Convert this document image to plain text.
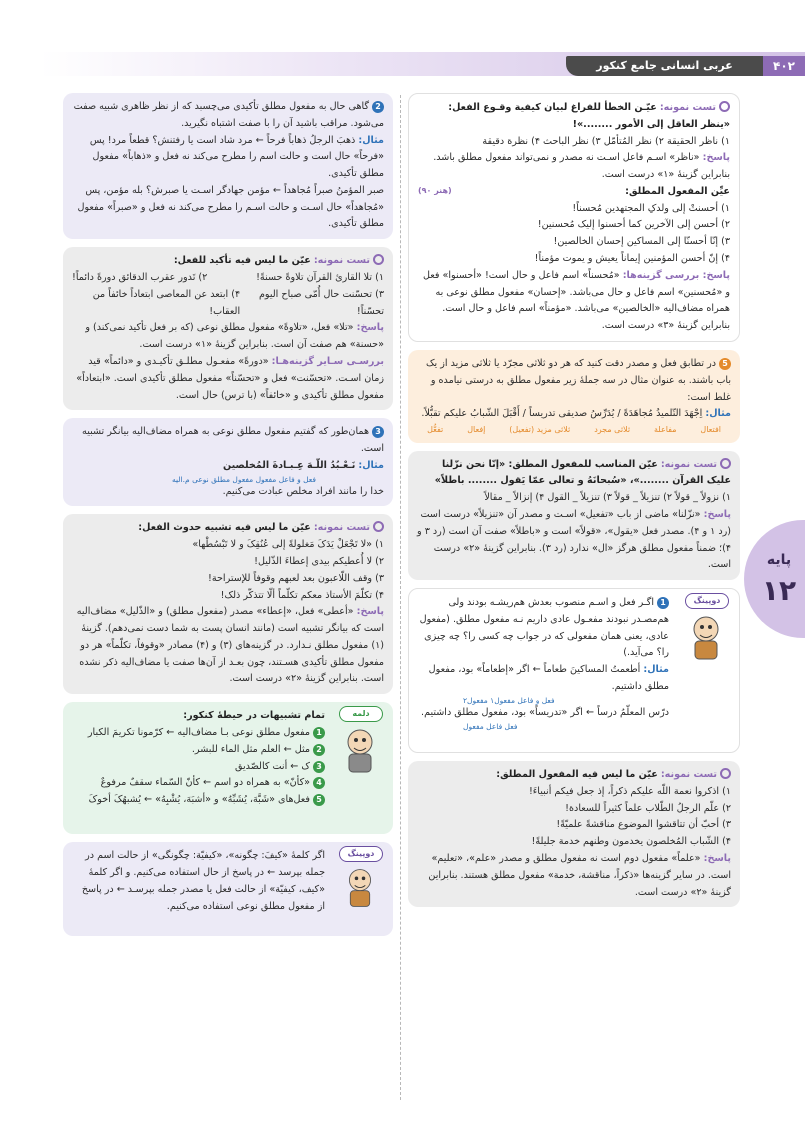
عربی انسانی جامع کنکور	۴۰۲
پایه
۱۲
تست نمونه: عیّـن الخطأ للفراغ لبیان کیفیة وقـوع الفعل: «ینظر العاقل إلی الأمور ........»!
۱) ناظر الحقیقة ۲) نظر المُتأمّل ۳) نظر الباحث ۴) نظرة دقیقة
پاسخ: «ناظر» اسـم فاعل اسـت نه مصدر و نمی‌تواند مفعول مطلق باشد. بنابراین گزینهٔ «۱» درست است.
عیِّن المفعول المطلق:
(هنر ۹۰)
۱) أحسنتْ إلی ولدکِ المجتهدین مُحسناً!
۲) أحسن إلی الآخرین کما أحسنوا إلیک مُحسنین!
۳) إنّا أحسنّا إلی المساکین إحسان الخالصین!
۴) إنّ أحسن المؤمنین إیماناً یعیش و یموت مؤمناً!
پاسخ: بررسی گزینه‌ها: «مُحسناً» اسم فاعل و حال است! «أحسنوا» فعل و «مُحسنین» اسم فاعل و حال می‌باشد. «إحسان» مفعول مطلق نوعی به همراه مضاف‌الیه «الخالصین» می‌باشد. «مؤمناً» اسم فاعل و حال است. بنابراین گزینهٔ «۳» درست است.
5در تطابق فعل و مصدر دقت کنید که هر دو ثلاثی مجرّد یا ثلاثی مزید از یک باب باشند. به عنوان مثال در سه جملهٔ زیر مفعول مطلق به درستی نیامده و غلط است:
مثال: اِجْهَدَ التّلمیذُ مُجاهَدَةً / یُدَرِّسُ صدیقی تدریساً / أَقْبَلَ الشّبابُ علیکم تقبُّلاً.
افتعال
مفاعلة
ثلاثی مجرد
ثلاثی مزید (تفعیل)
إفعال
تفعُّل
تست نمونه: عیّن المناسب للمفعول المطلق: «إنّا نحن نزّلنا علیک القرآن ........»، «سُبحانَهُ و تعالی عمّا یَقول ........ باطلاً»
۱) نزولاً _ قولاً ۲) تنزیلاً _ قولاً ۳) تنزیلاً _ القول ۴) إنزالاً _ مقالاً
پاسخ: «نزّلنا» ماضی از باب «تفعیل» اسـت و مصدر آن «تنزیلاً» درست است (رد ۱ و ۴). مصدر فعل «یقول»، «قولاً» است و «باطلاً» صفت آن است (رد ۳ و ۴)؛ ضمناً مفعول مطلق هرگز «ال» ندارد (رد ۳). بنابراین گزینهٔ «۲» درست است.
دوپینگ
1اگـر فعل و اسـم منصوب بعدش هم‌ریشـه بودند ولی هم‌مصـدر نبودند مفعـول عادی داریم نـه مفعول مطلق. (مفعول عادی، یعنی همان مفعولی که در جواب چه کسی را؟ چه چیزی را؟ می‌آید.)
مثال: أطعمتُ المساکینَ طعاماً ← اگر «إطعاماً» بود، مفعول مطلق داشتیم.
فعل و فاعل مفعول۱ مفعول۲
درّس المعلّمُ درساً ← اگر «تدریساً» بود، مفعول مطلق داشتیم.
فعل فاعل مفعول
تست نمونه: عیّن ما لیس فیه المفعول المطلق:
۱) اذکروا نعمة اللّه علیکم ذکراً، إذ جعل فیکم أنبیاءَ!
۲) علّم الرجلُ الطّلاب علماً کثیراً للسعادة!
۳) أحبّ أن تتاقشوا الموضوع مناقشةً علمیّةً!
۴) الشّباب المُخلصون یخدمون وطنهم خدمة جلیلةً!
پاسخ: «علماً» مفعول دوم است نه مفعول مطلق و مصدر «علم»، «تعلیم» است. در سایر گزینه‌ها «ذکراً، مناقشة، خدمة» مفعول مطلق هستند. بنابراین گزینهٔ «۲» درست است.
2گاهی حال به مفعول مطلق تأکیدی می‌چسبد که از نظر ظاهری شبیه صفت می‌شود. مراقب باشید آن را با صفت اشتباه نگیرید.
مثال: ذهبَ الرجلُ ذهاباً فرحاً ← مرد شاد است یا رفتنش؟ قطعاً مرد! پس «فرحاً» حال است و حالت اسم را مطرح می‌کند نه فعل و «ذهاباً» مفعول مطلق تأکیدی.
صبر المؤمنُ صبراً مُجاهداً ← مؤمن جهادگر اسـت یا صبرش؟ بله مؤمن، پس «مُجاهداً» حال اسـت و حالت اسـم را مطرح می‌کند نه فعل و «صبراً» مفعول مطلق تأکیدی.
تست نمونه: عیّن ما لیس فیه تأکید للفعل:
۱) تلا القارئ القرآن تلاوةً حسنةً!
۲) تَدور عقرب الدقائق دورةً دائماً!
۳) تحسّنت حال أُمّی صباح الیوم تحسّناً!
۴) ابتعد عن المعاصی ابتعاداً خائفاً من العقاب!
پاسخ: «تلا» فعل، «تلاوةً» مفعول مطلق نوعی (که بر فعل تأکید نمی‌کند) و «حسنة» هم صفت آن است. بنابراین گزینهٔ «۱» درست است.
بررسـی سـایر گزینه‌هـا: «دورةً» مفعـول مطلـق تأکیـدی و «دائماً» قید زمان اسـت. «تحسّنت» فعل و «تحسّناً» مفعول مطلق تأکیدی است. «ابتعاداً» مفعول مطلق تأکیدی و «خائفاً» (با ترس) حال است.
3همان‌طور که گفتیم مفعول مطلق نوعی به همراه مضاف‌الیه بیانگر تشبیه است.
مثال: نَـعْـبُدُ اللّـهَ عِـبـادةَ المُخلصین
فعل و فاعل مفعول مفعول مطلق نوعی م.الیه
خدا را مانند افراد مخلص عبادت می‌کنیم.
تست نمونه: عیّن ما لیس فیه تشبیه حدوث الفعل:
۱) «لا تَجْعَلْ یَدَکَ مَغلولةً إلی عُنُقِکَ و لا تَبْسُطْها»
۲) لا أُعطیکم بیدی إعطاءَ الذّلیل!
۳) وقف اللّاعبون بعد لعبهم وقوفاً للإستراحة!
۴) تکلّمَ الأستاذ معکم تکلّماً ألّا تتذکّر ذلک!
پاسخ: «أعطی» فعل، «إعطاء» مصدر (مفعول مطلق) و «الذّلیل» مضاف‌الیه است که بیانگر تشبیه است (مانند انسان پست به شما دست نمی‌دهم). گزینهٔ (۱) مفعول مطلق نـدارد. در گزینه‌های (۳) و (۴) مصادر «وقوفاً، تکلّماً» هر دو مفعول مطلق تأکیدی هسـتند، چون بعـد از آن‌ها صفت یا مضاف‌الیه ذکر نشده است. بنابراین گزینهٔ «۲» درست است.
دلمه
تمام تشبیهات در حیطهٔ کنکور:
1مفعول مطلق نوعی بـا مضاف‌الیه ← کرّمونا تکریمَ الکبار
2مثل ← العلم مثل الماء للبشر.
3ک ← أنت کالصّدیق
4«کأنّ» به همراه دو اسم ← کأنّ السّماء سقفٌ مرفوعٌ
5فعل‌های «شَبَّهَ، یُشَبِّهُ» و «أشبَهَ، یُشْبِهُ» ← یُشبهُکَ أخوکَ
دوپینگ
اگر کلمهٔ «کیفَ: چگونه»، «کیفیّة: چگونگی» از حالت اسم در جمله بپرسد ← در پاسخ از حال استفاده می‌کنیم. و اگر کلمهٔ «کیف، کیفیّة» از حالت فعل یا مصدر جمله بپرسـد ← در پاسخ از مفعول مطلق نوعی استفاده می‌کنیم.
